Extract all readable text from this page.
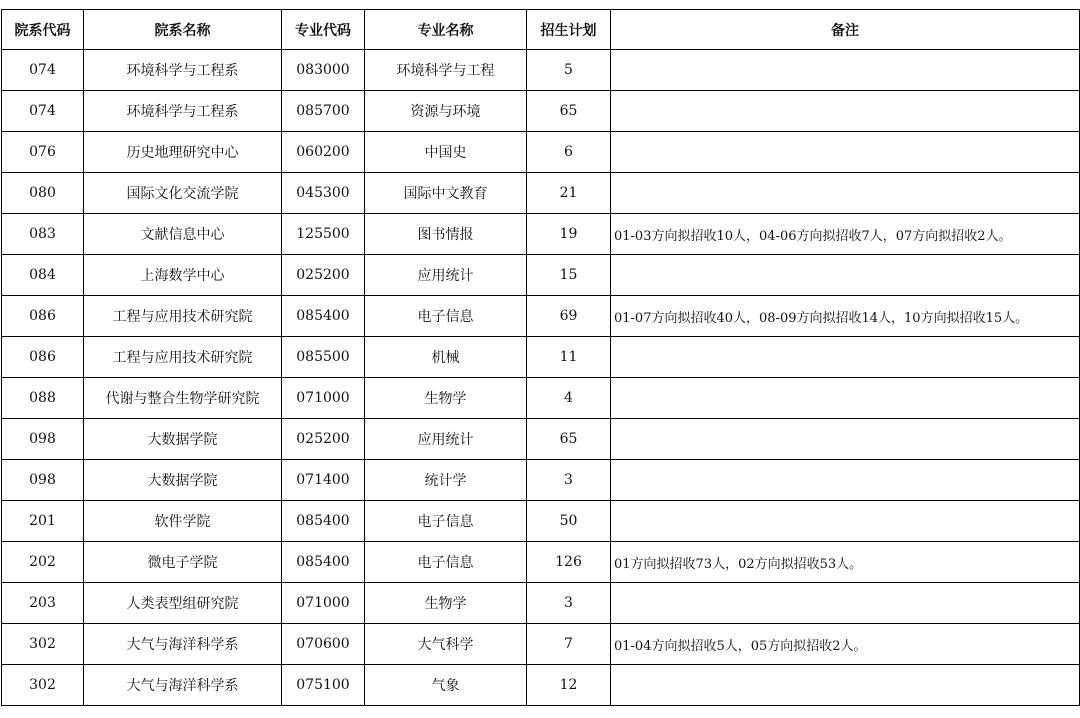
院系代码	院系名称	专业代码	专业名称	招生计划	备注
074	环境科学与工程系	083000	环境科学与工程	5	
074	环境科学与工程系	085700	资源与环境	65	
076	历史地理研究中心	060200	中国史	6	
080	国际文化交流学院	045300	国际中文教育	21	
083	文献信息中心	125500	图书情报	19	01-03方向拟招收10人，04-06方向拟招收7人，07方向拟招收2人。
084	上海数学中心	025200	应用统计	15	
086	工程与应用技术研究院	085400	电子信息	69	01-07方向拟招收40人，08-09方向拟招收14人，10方向拟招收15人。
086	工程与应用技术研究院	085500	机械	11	
088	代谢与整合生物学研究院	071000	生物学	4	
098	大数据学院	025200	应用统计	65	
098	大数据学院	071400	统计学	3	
201	软件学院	085400	电子信息	50	
202	微电子学院	085400	电子信息	126	01方向拟招收73人，02方向拟招收53人。
203	人类表型组研究院	071000	生物学	3	
302	大气与海洋科学系	070600	大气科学	7	01-04方向拟招收5人，05方向拟招收2人。
302	大气与海洋科学系	075100	气象	12	
